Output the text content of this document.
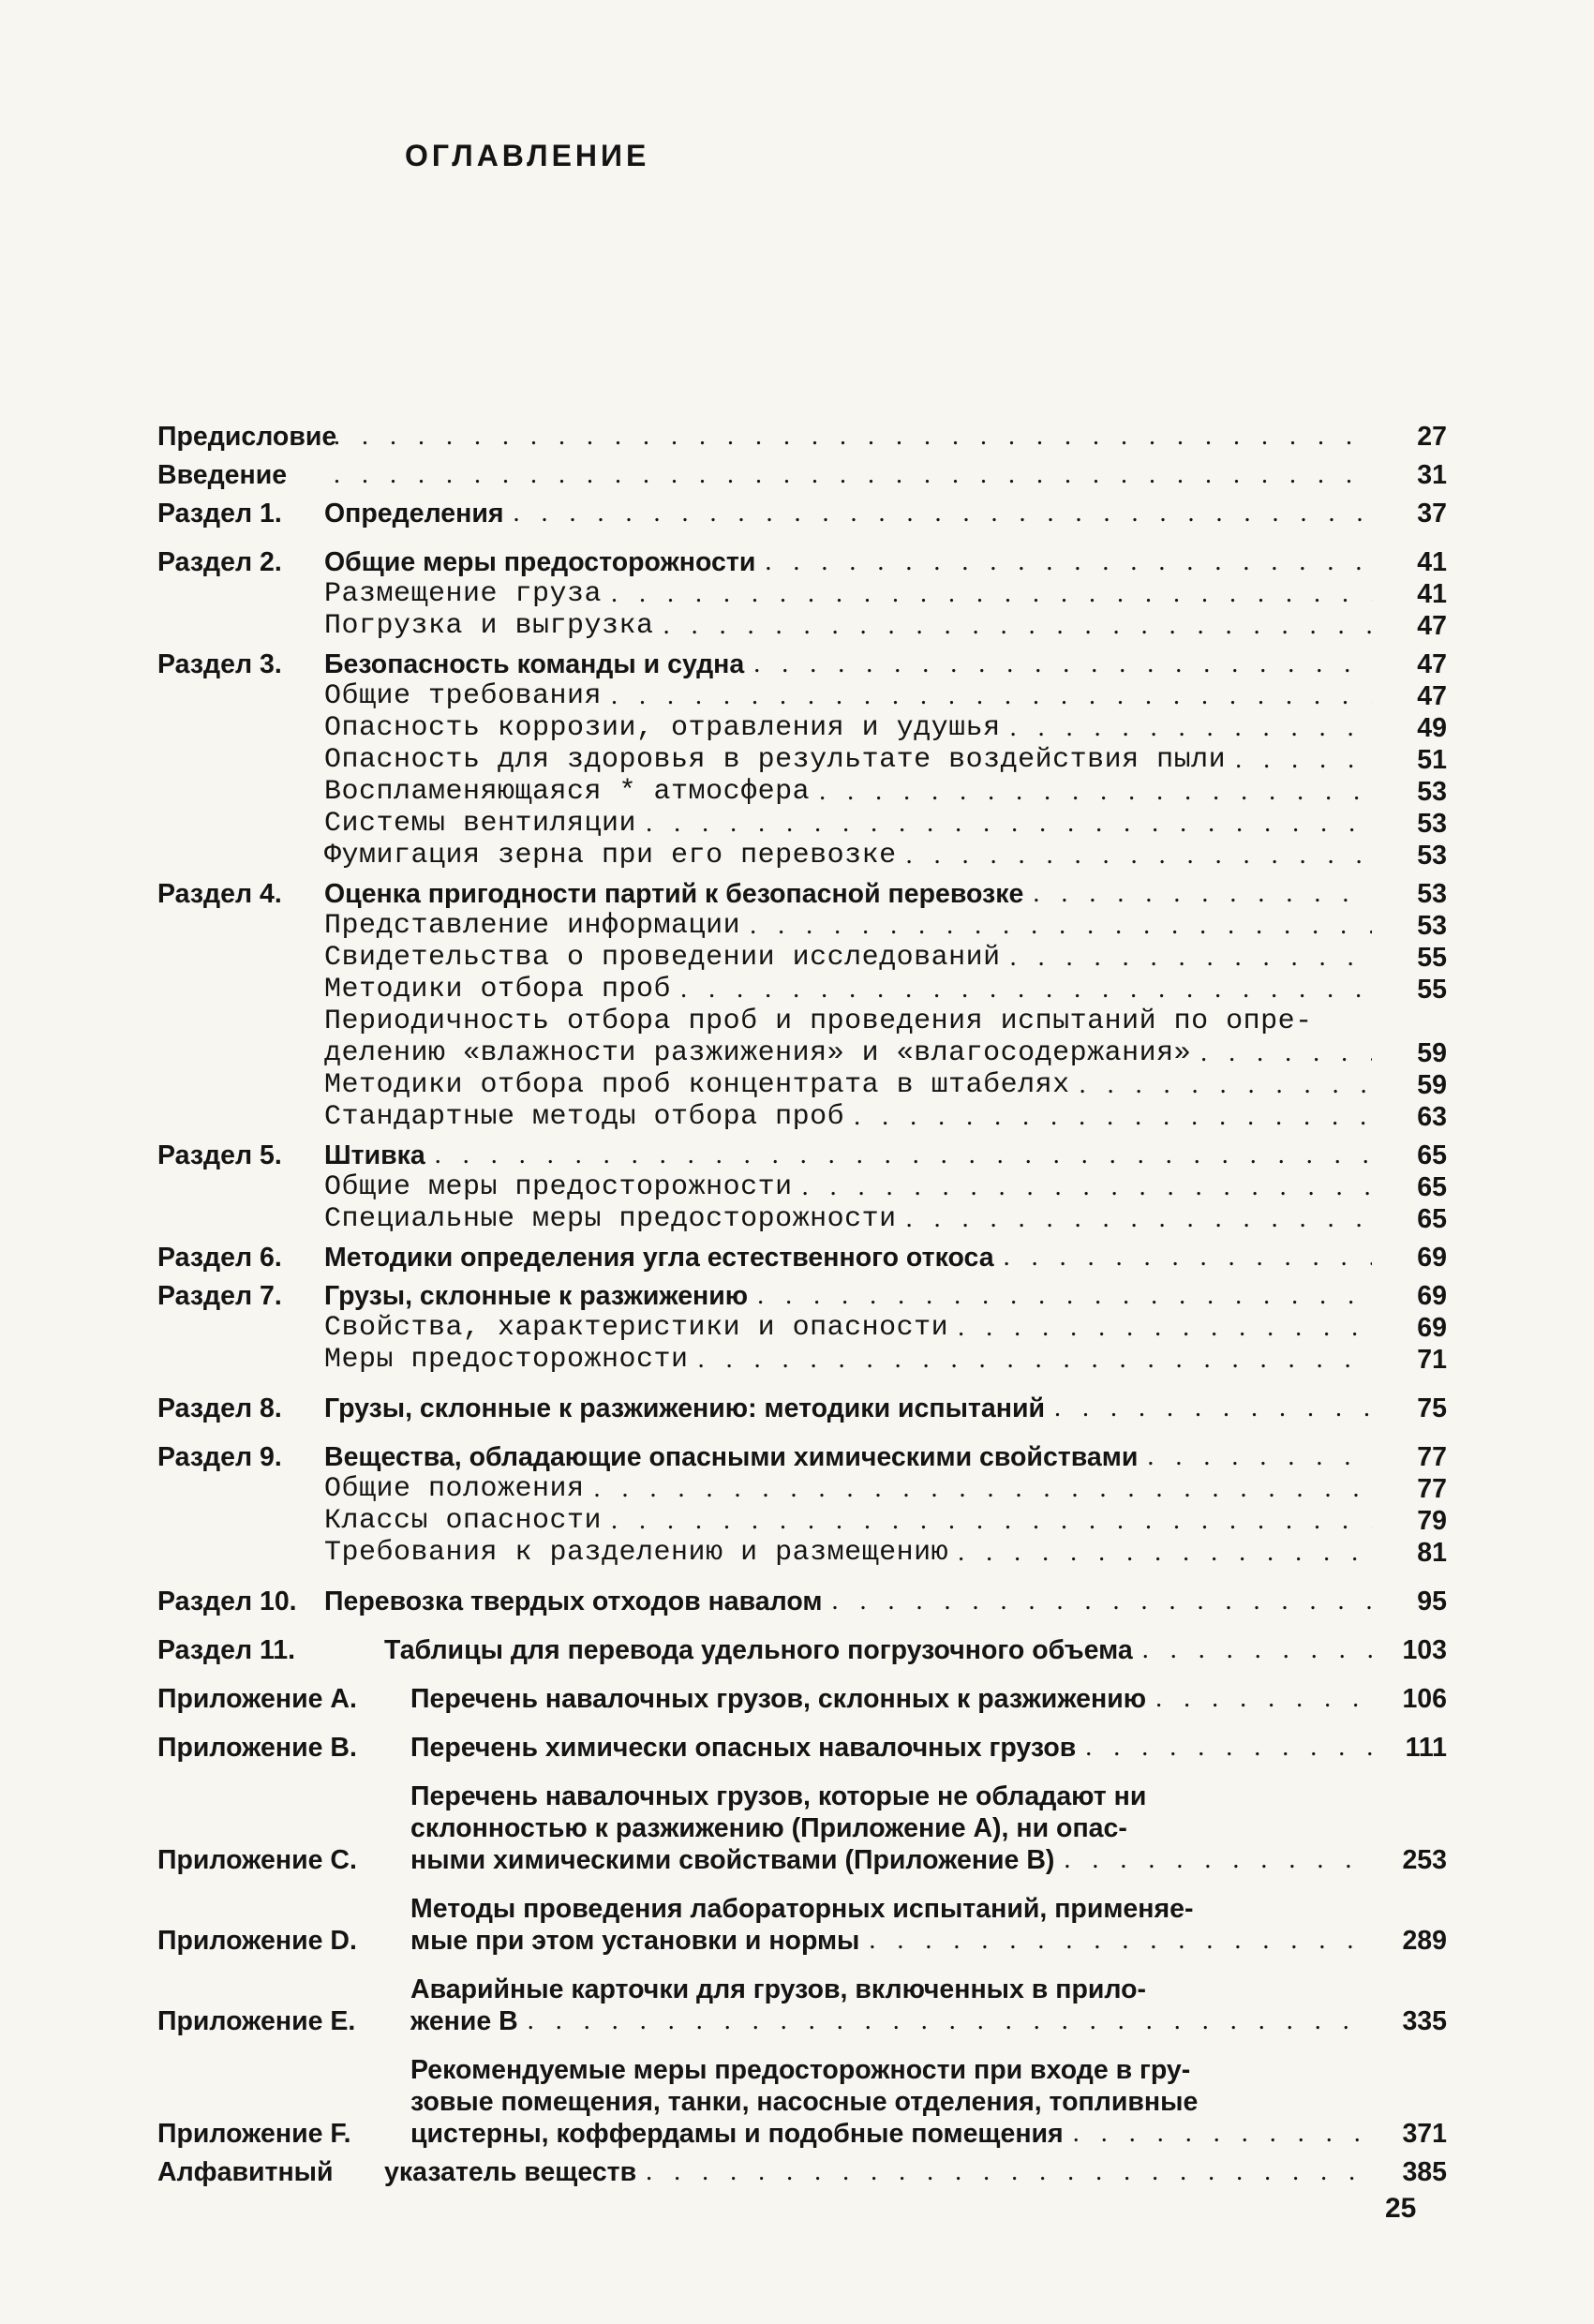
ОГЛАВЛЕНИЕ
Предисловие . . .	27
Введение . . .	31
Раздел 1.	Определения . . .	37
Раздел 2.	Общие меры предосторожности . . .	41
Размещение груза . . .	41
Погрузка и выгрузка . . .	47
Раздел 3.	Безопасность команды и судна . . .	47
Общие требования . . .	47
Опасность коррозии, отравления и удушья . . .	49
Опасность для здоровья в результате воздействия пыли . . .	51
Воспламеняющаяся * атмосфера . . .	53
Системы вентиляции . . .	53
Фумигация зерна при его перевозке . . .	53
Раздел 4.	Оценка пригодности партий к безопасной перевозке . . .	53
Представление информации . . .	53
Свидетельства о проведении исследований . . .	55
Методики отбора проб . . .	55
Периодичность отбора проб и проведения испытаний по опре-
делению «влажности разжижения» и «влагосодержания» . . .	59
Методики отбора проб концентрата в штабелях . . .	59
Стандартные методы отбора проб . . .	63
Раздел 5.	Штивка . . .	65
Общие меры предосторожности . . .	65
Специальные меры предосторожности . . .	65
Раздел 6.	Методики определения угла естественного откоса . . .	69
Раздел 7.	Грузы, склонные к разжижению . . .	69
Свойства, характеристики и опасности . . .	69
Меры предосторожности . . .	71
Раздел 8.	Грузы, склонные к разжижению: методики испытаний . . .	75
Раздел 9.	Вещества, обладающие опасными химическими свойствами . . .	77
Общие положения . . .	77
Классы опасности . . .	79
Требования к разделению и размещению . . .	81
Раздел 10.	Перевозка твердых отходов навалом . . .	95
Раздел 11.	Таблицы для перевода удельного погрузочного объема . . .	103
Приложение A.	Перечень навалочных грузов, склонных к разжижению . . .	106
Приложение B.	Перечень химически опасных навалочных грузов . . .	111
Приложение C.
Перечень навалочных грузов, которые не обладают ни
склонностью к разжижению (Приложение A), ни опас-
ными химическими свойствами (Приложение B) . . .	253
Приложение D.
Методы проведения лабораторных испытаний, применяе-
мые при этом установки и нормы . . .	289
Приложение E.
Аварийные карточки для грузов, включенных в прило-
жение B . . .	335
Приложение F.
Рекомендуемые меры предосторожности при входе в гру-
зовые помещения, танки, насосные отделения, топливные
цистерны, коффердамы и подобные помещения . . .	371
Алфавитный	указатель веществ . . .	385
25
